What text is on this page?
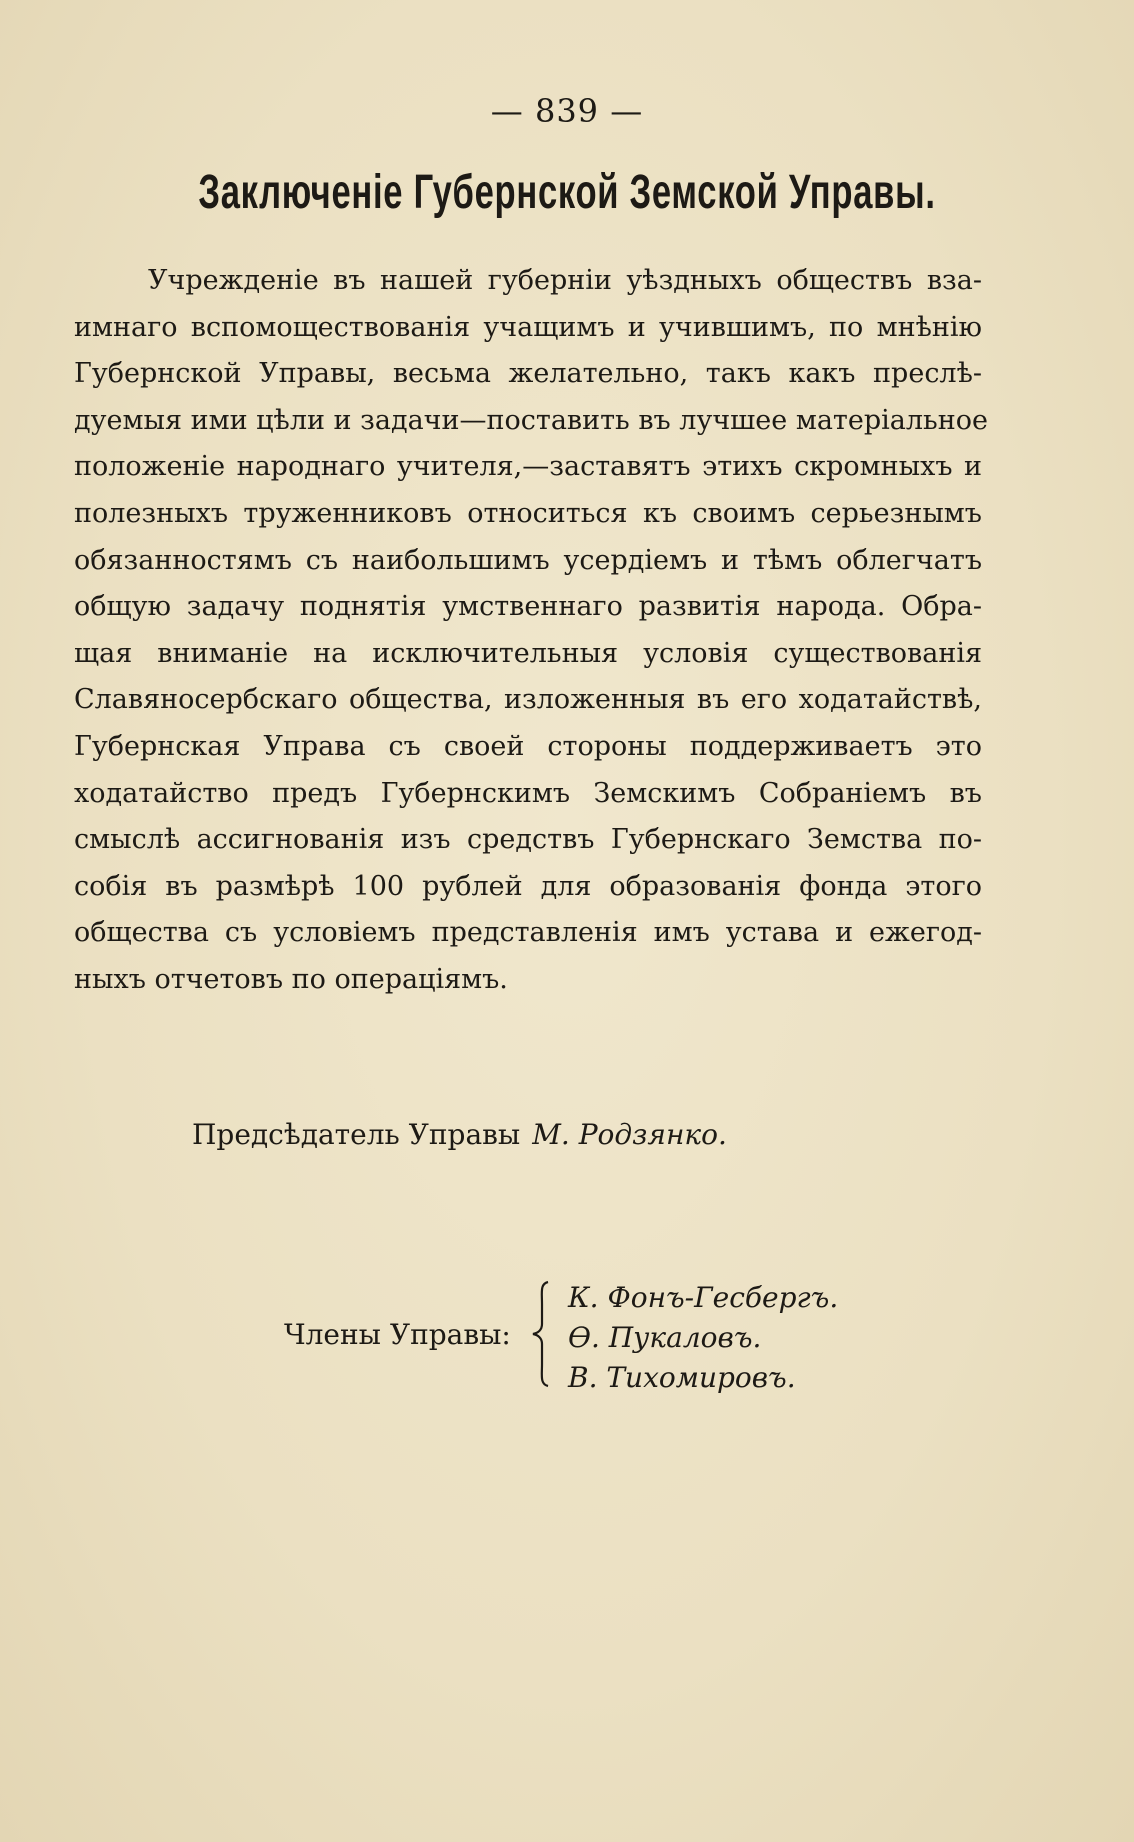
— 839 —
Заключеніе Губернской Земской Управы.
Учрежденіе въ нашей губерніи уѣздныхъ обществъ вза-
имнаго вспомоществованія учащимъ и учившимъ, по мнѣнію
Губернской Управы, весьма желательно, такъ какъ преслѣ-
дуемыя ими цѣли и задачи—поставить въ лучшее матеріальное
положеніе народнаго учителя,—заставятъ этихъ скромныхъ и
полезныхъ труженниковъ относиться къ своимъ серьезнымъ
обязанностямъ съ наибольшимъ усердіемъ и тѣмъ облегчатъ
общую задачу поднятія умственнаго развитія народа. Обра-
щая вниманіе на исключительныя условія существованія
Славяносербскаго общества, изложенныя въ его ходатайствѣ,
Губернская Управа съ своей стороны поддерживаетъ это
ходатайство предъ Губернскимъ Земскимъ Собраніемъ въ
смыслѣ ассигнованія изъ средствъ Губернскаго Земства по-
собія въ размѣрѣ 100 рублей для образованія фонда этого
общества съ условіемъ представленія имъ устава и ежегод-
ныхъ отчетовъ по операціямъ.
Предсѣдатель Управы М. Родзянко.
Члены Управы:
К. Фонъ-Гесбергъ.
Ѳ. Пукаловъ.
В. Тихомировъ.
